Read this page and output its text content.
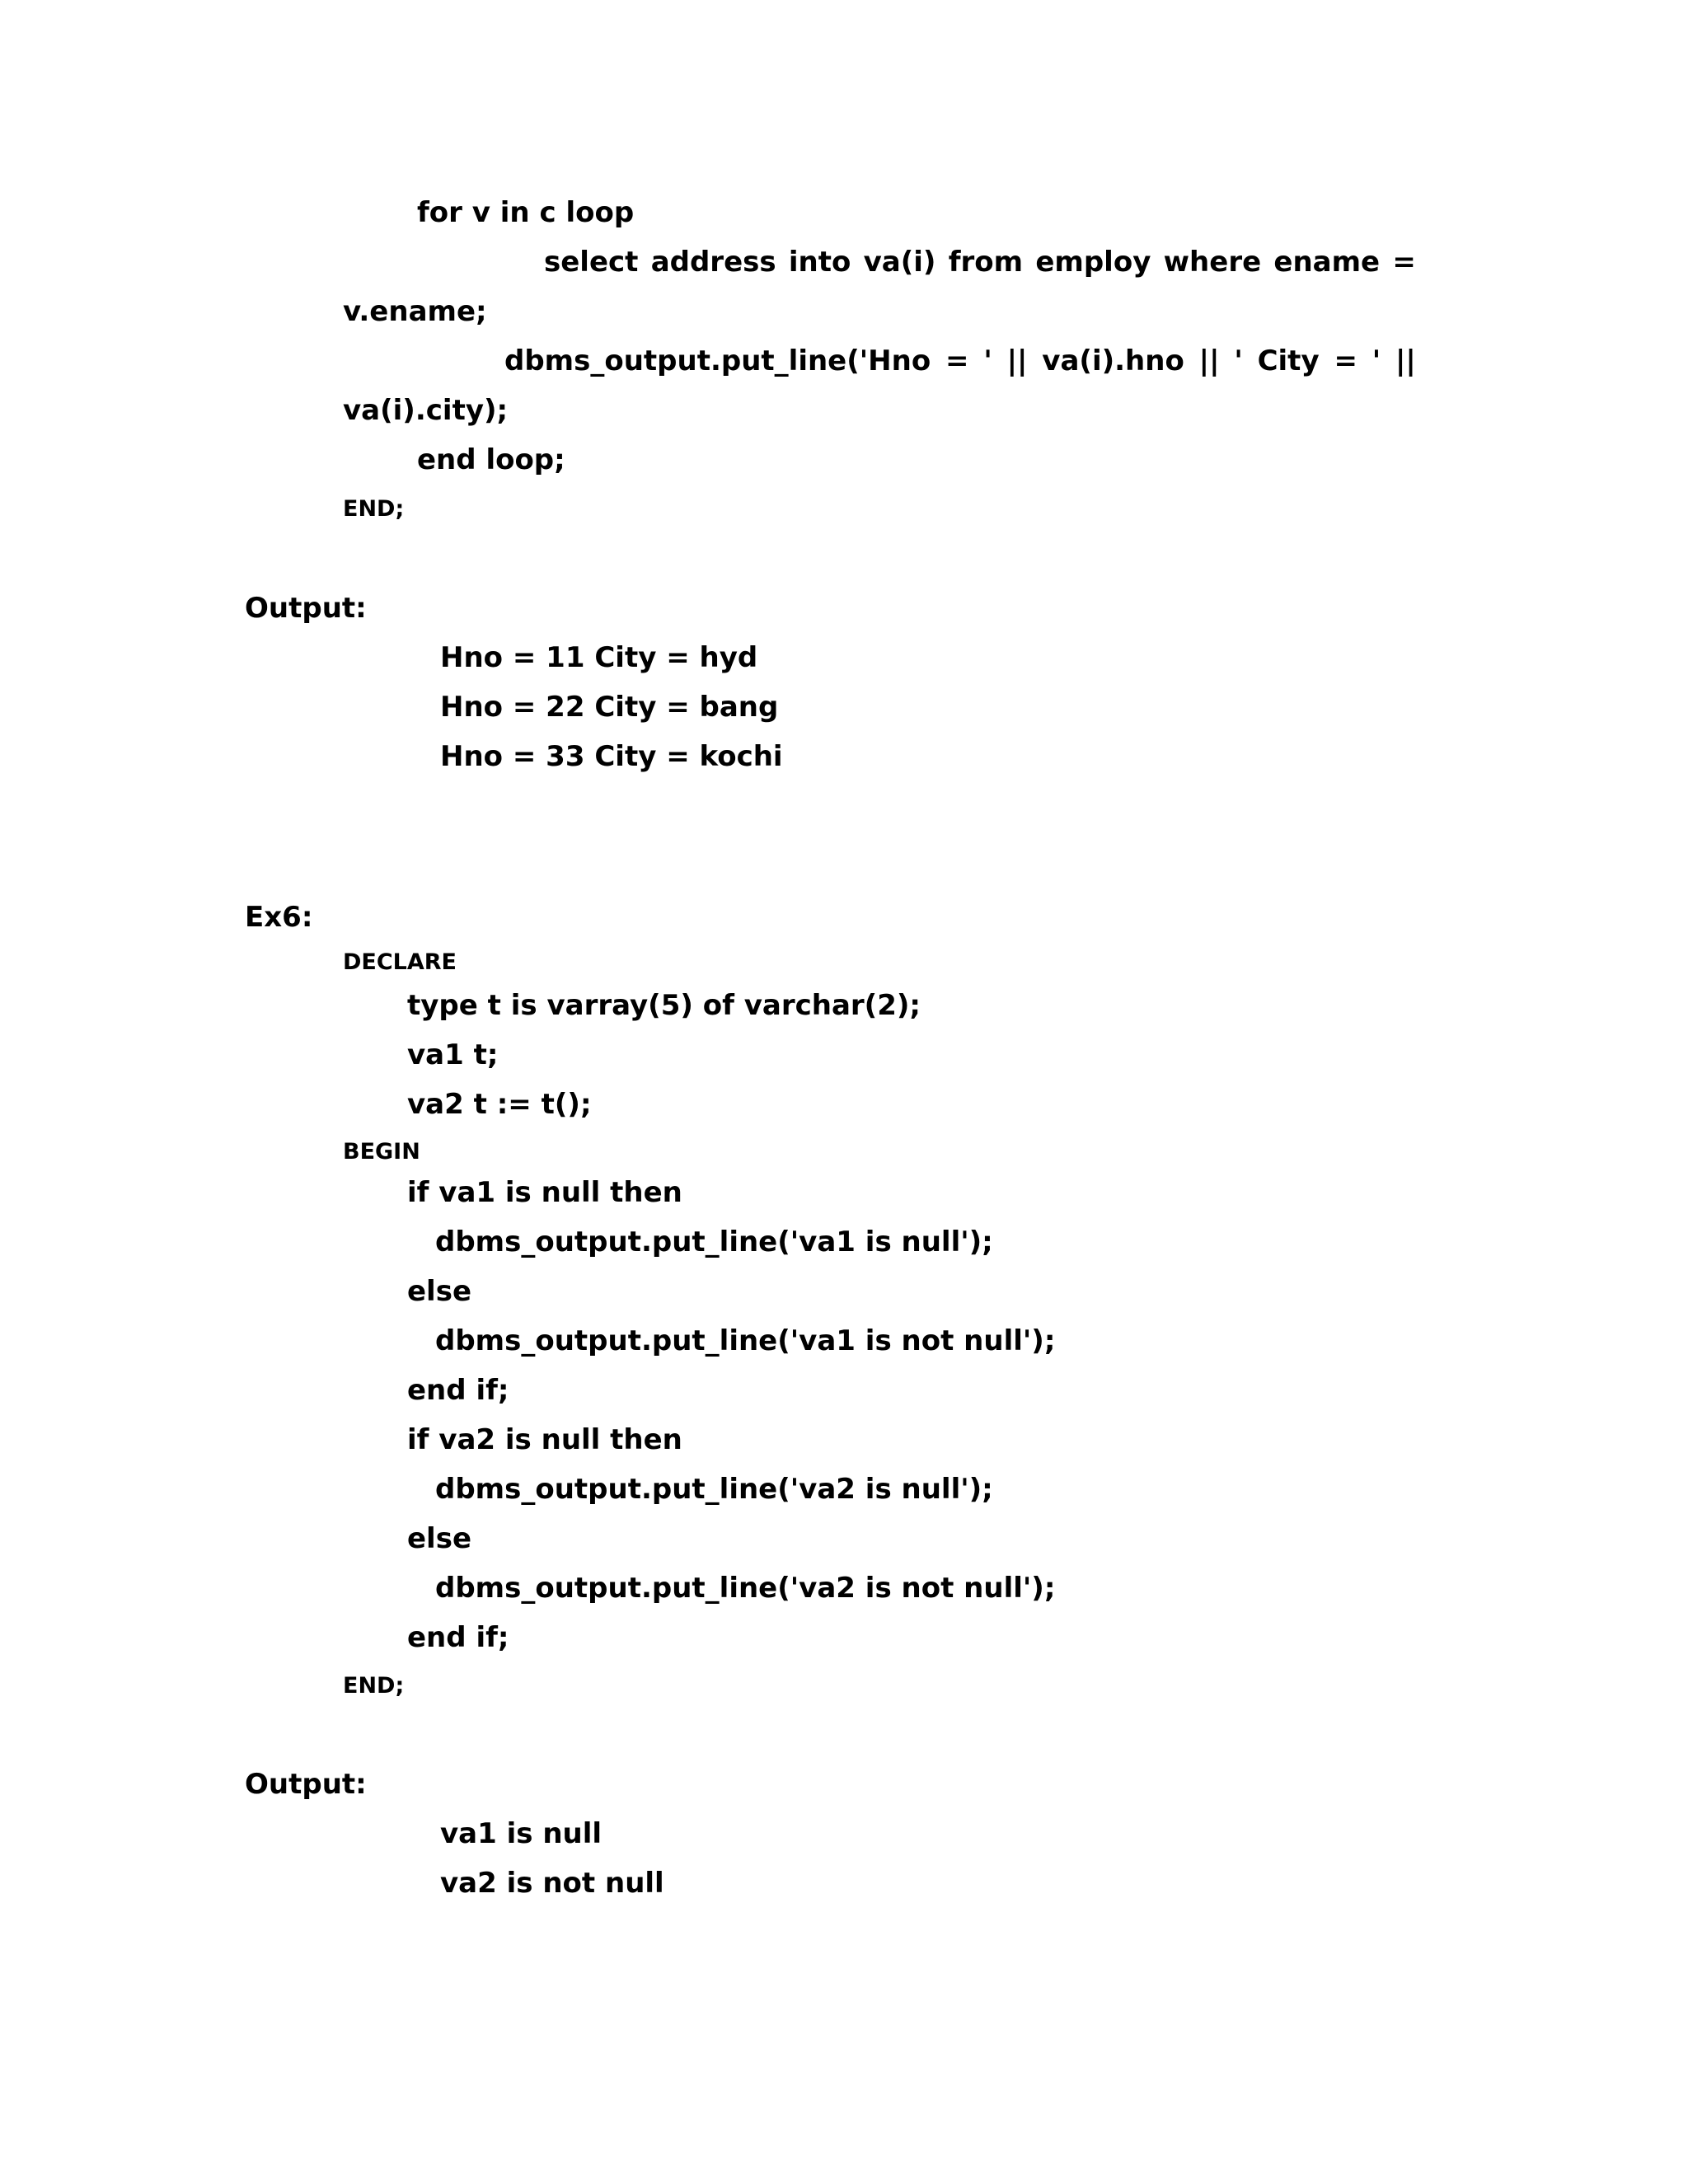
for v in c loop
select address into va(i) from employ where ename =
v.ename;
dbms_output.put_line('Hno = ' || va(i).hno || ' City = ' ||
va(i).city);
end loop;
END;
Output:
Hno = 11 City = hyd
Hno = 22 City = bang
Hno = 33 City = kochi
Ex6:
DECLARE
type t is varray(5) of varchar(2);
va1 t;
va2 t := t();
BEGIN
if va1 is null then
dbms_output.put_line('va1 is null');
else
dbms_output.put_line('va1 is not null');
end if;
if va2 is null then
dbms_output.put_line('va2 is null');
else
dbms_output.put_line('va2 is not null');
end if;
END;
Output:
va1 is null
va2 is not null
